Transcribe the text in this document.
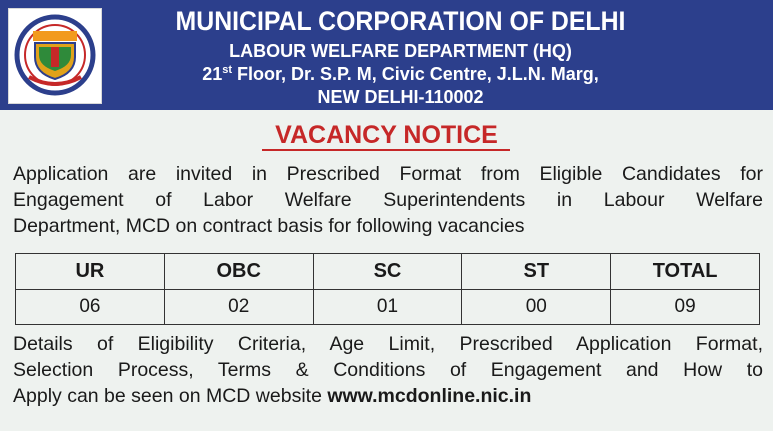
MUNICIPAL CORPORATION OF DELHI
LABOUR WELFARE DEPARTMENT (HQ)
21st Floor, Dr. S.P. M, Civic Centre, J.L.N. Marg,
NEW DELHI-110002
VACANCY NOTICE
Application are invited in Prescribed Format from Eligible Candidates for
Engagement of Labor Welfare Superintendents in Labour Welfare
Department, MCD on contract basis for following vacancies
UR	OBC	SC	ST	TOTAL
06	02	01	00	09
Details of Eligibility Criteria, Age Limit, Prescribed Application Format,
Selection Process, Terms & Conditions of Engagement and How to
Apply can be seen on MCD website www.mcdonline.nic.in
